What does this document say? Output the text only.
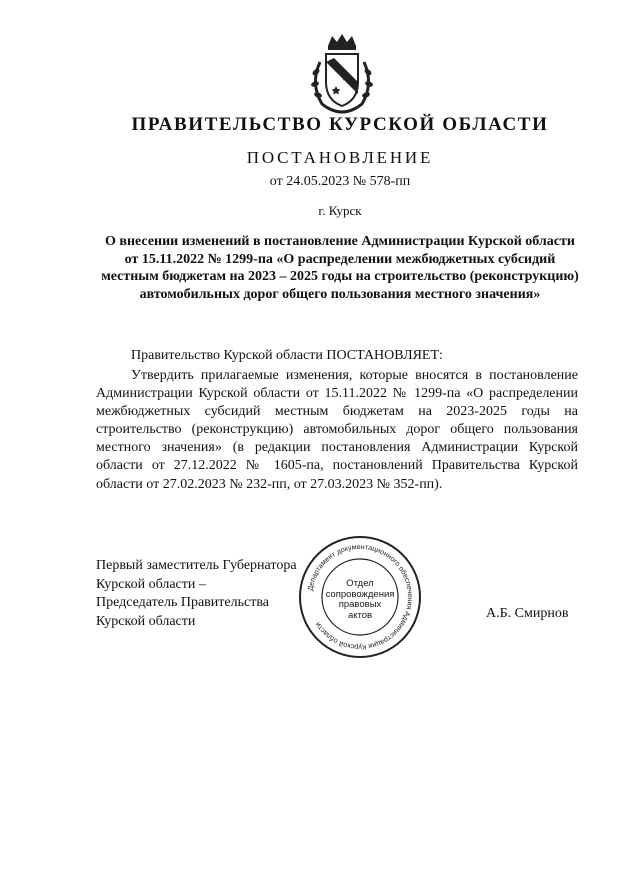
ПРАВИТЕЛЬСТВО КУРСКОЙ ОБЛАСТИ
ПОСТАНОВЛЕНИЕ
от 24.05.2023 № 578-пп
г. Курск
О внесении изменений в постановление Администрации Курской области от 15.11.2022 № 1299-па «О распределении межбюджетных субсидий местным бюджетам на 2023 – 2025 годы на строительство (реконструкцию) автомобильных дорог общего пользования местного значения»
Правительство Курской области ПОСТАНОВЛЯЕТ:

Утвердить прилагаемые изменения, которые вносятся в постановление Администрации Курской области от 15.11.2022 № 1299-па «О распределении межбюджетных субсидий местным бюджетам на 2023-2025 годы на строительство (реконструкцию) автомобильных дорог общего пользования местного значения» (в редакции постановления Администрации Курской области от 27.12.2022 № 1605-па, постановлений Правительства Курской области от 27.02.2023 № 232-пп, от 27.03.2023 № 352-пп).

Первый заместитель Губернатора
Курской области –
Председатель Правительства
Курской области	А.Б. Смирнов
Департамент документационного обеспечения Администрации Курской области
Отдел
сопровождения
правовых
актов
